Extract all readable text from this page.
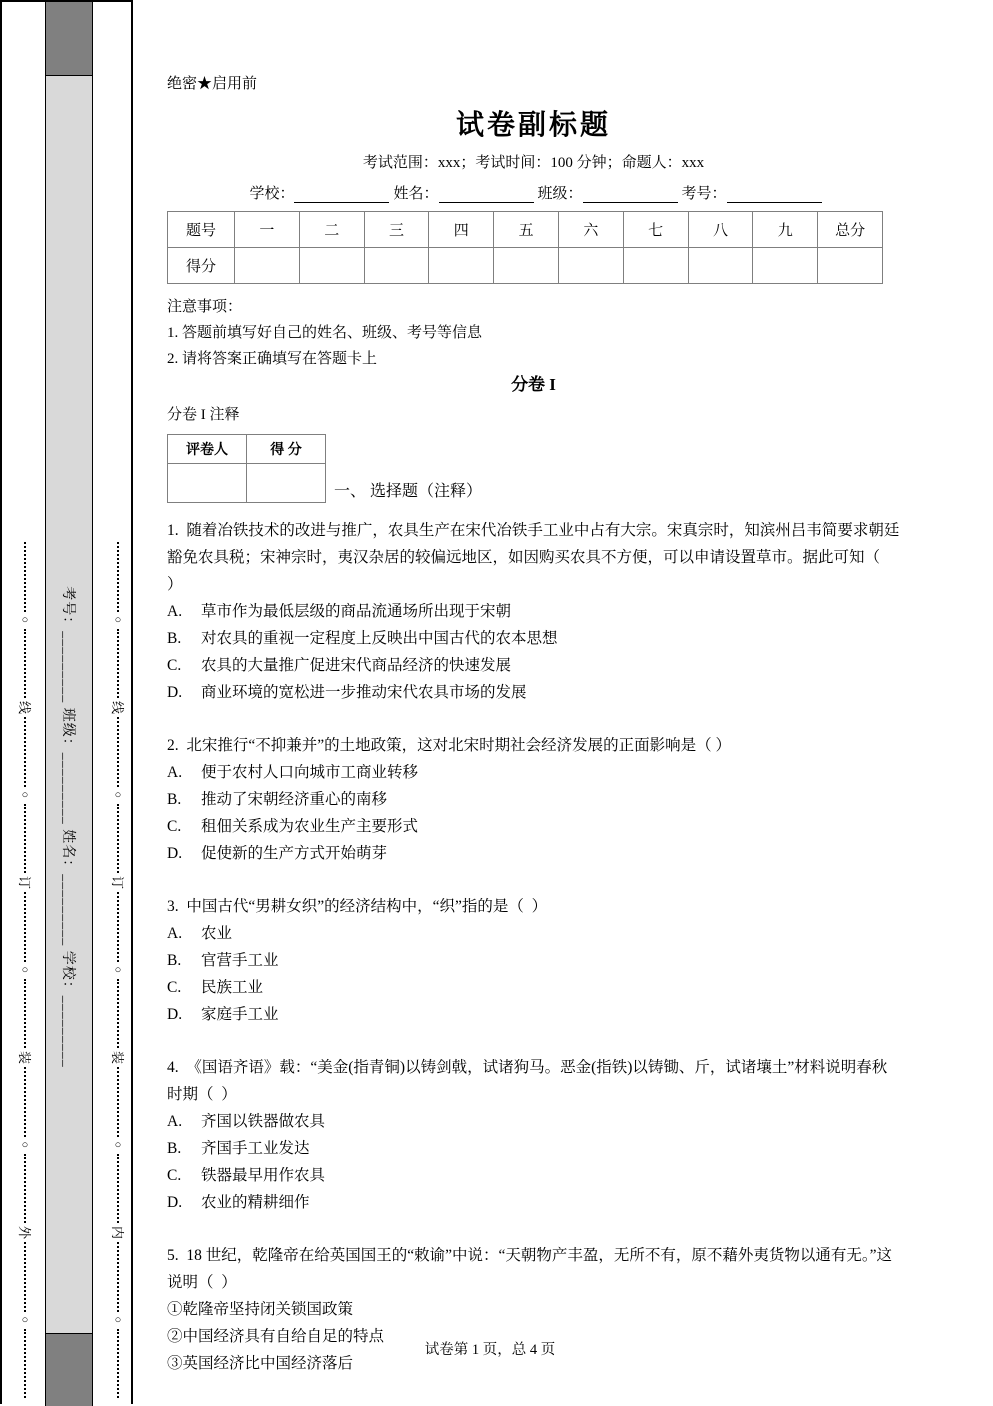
考号：_________ 班级：_________ 姓名：_________ 学校：_________
○
线
○
订
○
装
○
外
○
○
线
○
订
○
装
○
内
○
绝密★启用前
试卷副标题
考试范围：xxx；考试时间：100 分钟；命题人：xxx
学校：	姓名：	班级：	考号：
题号	一	二	三	四	五	六	七	八	九	总分
得分										
注意事项：
1. 答题前填写好自己的姓名、班级、考号等信息
2. 请将答案正确填写在答题卡上
分卷 I
分卷 I 注释
评卷人	得 分

一、 选择题（注释）
1.  随着冶铁技术的改进与推广，农具生产在宋代冶铁手工业中占有大宗。宋真宗时，知滨州吕韦简要求朝廷豁免农具税；宋神宗时，夷汉杂居的较偏远地区，如因购买农具不方便，可以申请设置草市。据此可知（      ）
A.	草市作为最低层级的商品流通场所出现于宋朝
B.	对农具的重视一定程度上反映出中国古代的农本思想
C.	农具的大量推广促进宋代商品经济的快速发展
D.	商业环境的宽松进一步推动宋代农具市场的发展
2.  北宋推行“不抑兼并”的土地政策，这对北宋时期社会经济发展的正面影响是（ ）
A.	便于农村人口向城市工商业转移
B.	推动了宋朝经济重心的南移
C.	租佃关系成为农业生产主要形式
D.	促使新的生产方式开始萌芽
3.  中国古代“男耕女织”的经济结构中，“织”指的是（  ）
A.	农业
B.	官营手工业
C.	民族工业
D.	家庭手工业
4.  《国语齐语》载：“美金(指青铜)以铸剑戟，试诸狗马。恶金(指铁)以铸锄、斤，试诸壤土”材料说明春秋时期（  ）
A.	齐国以铁器做农具
B.	齐国手工业发达
C.	铁器最早用作农具
D.	农业的精耕细作
5.  18 世纪，乾隆帝在给英国国王的“敕谕”中说：“天朝物产丰盈，无所不有，原不藉外夷货物以通有无。”这说明（  ）
①乾隆帝坚持闭关锁国政策
②中国经济具有自给自足的特点
③英国经济比中国经济落后
试卷第 1 页，总 4 页
